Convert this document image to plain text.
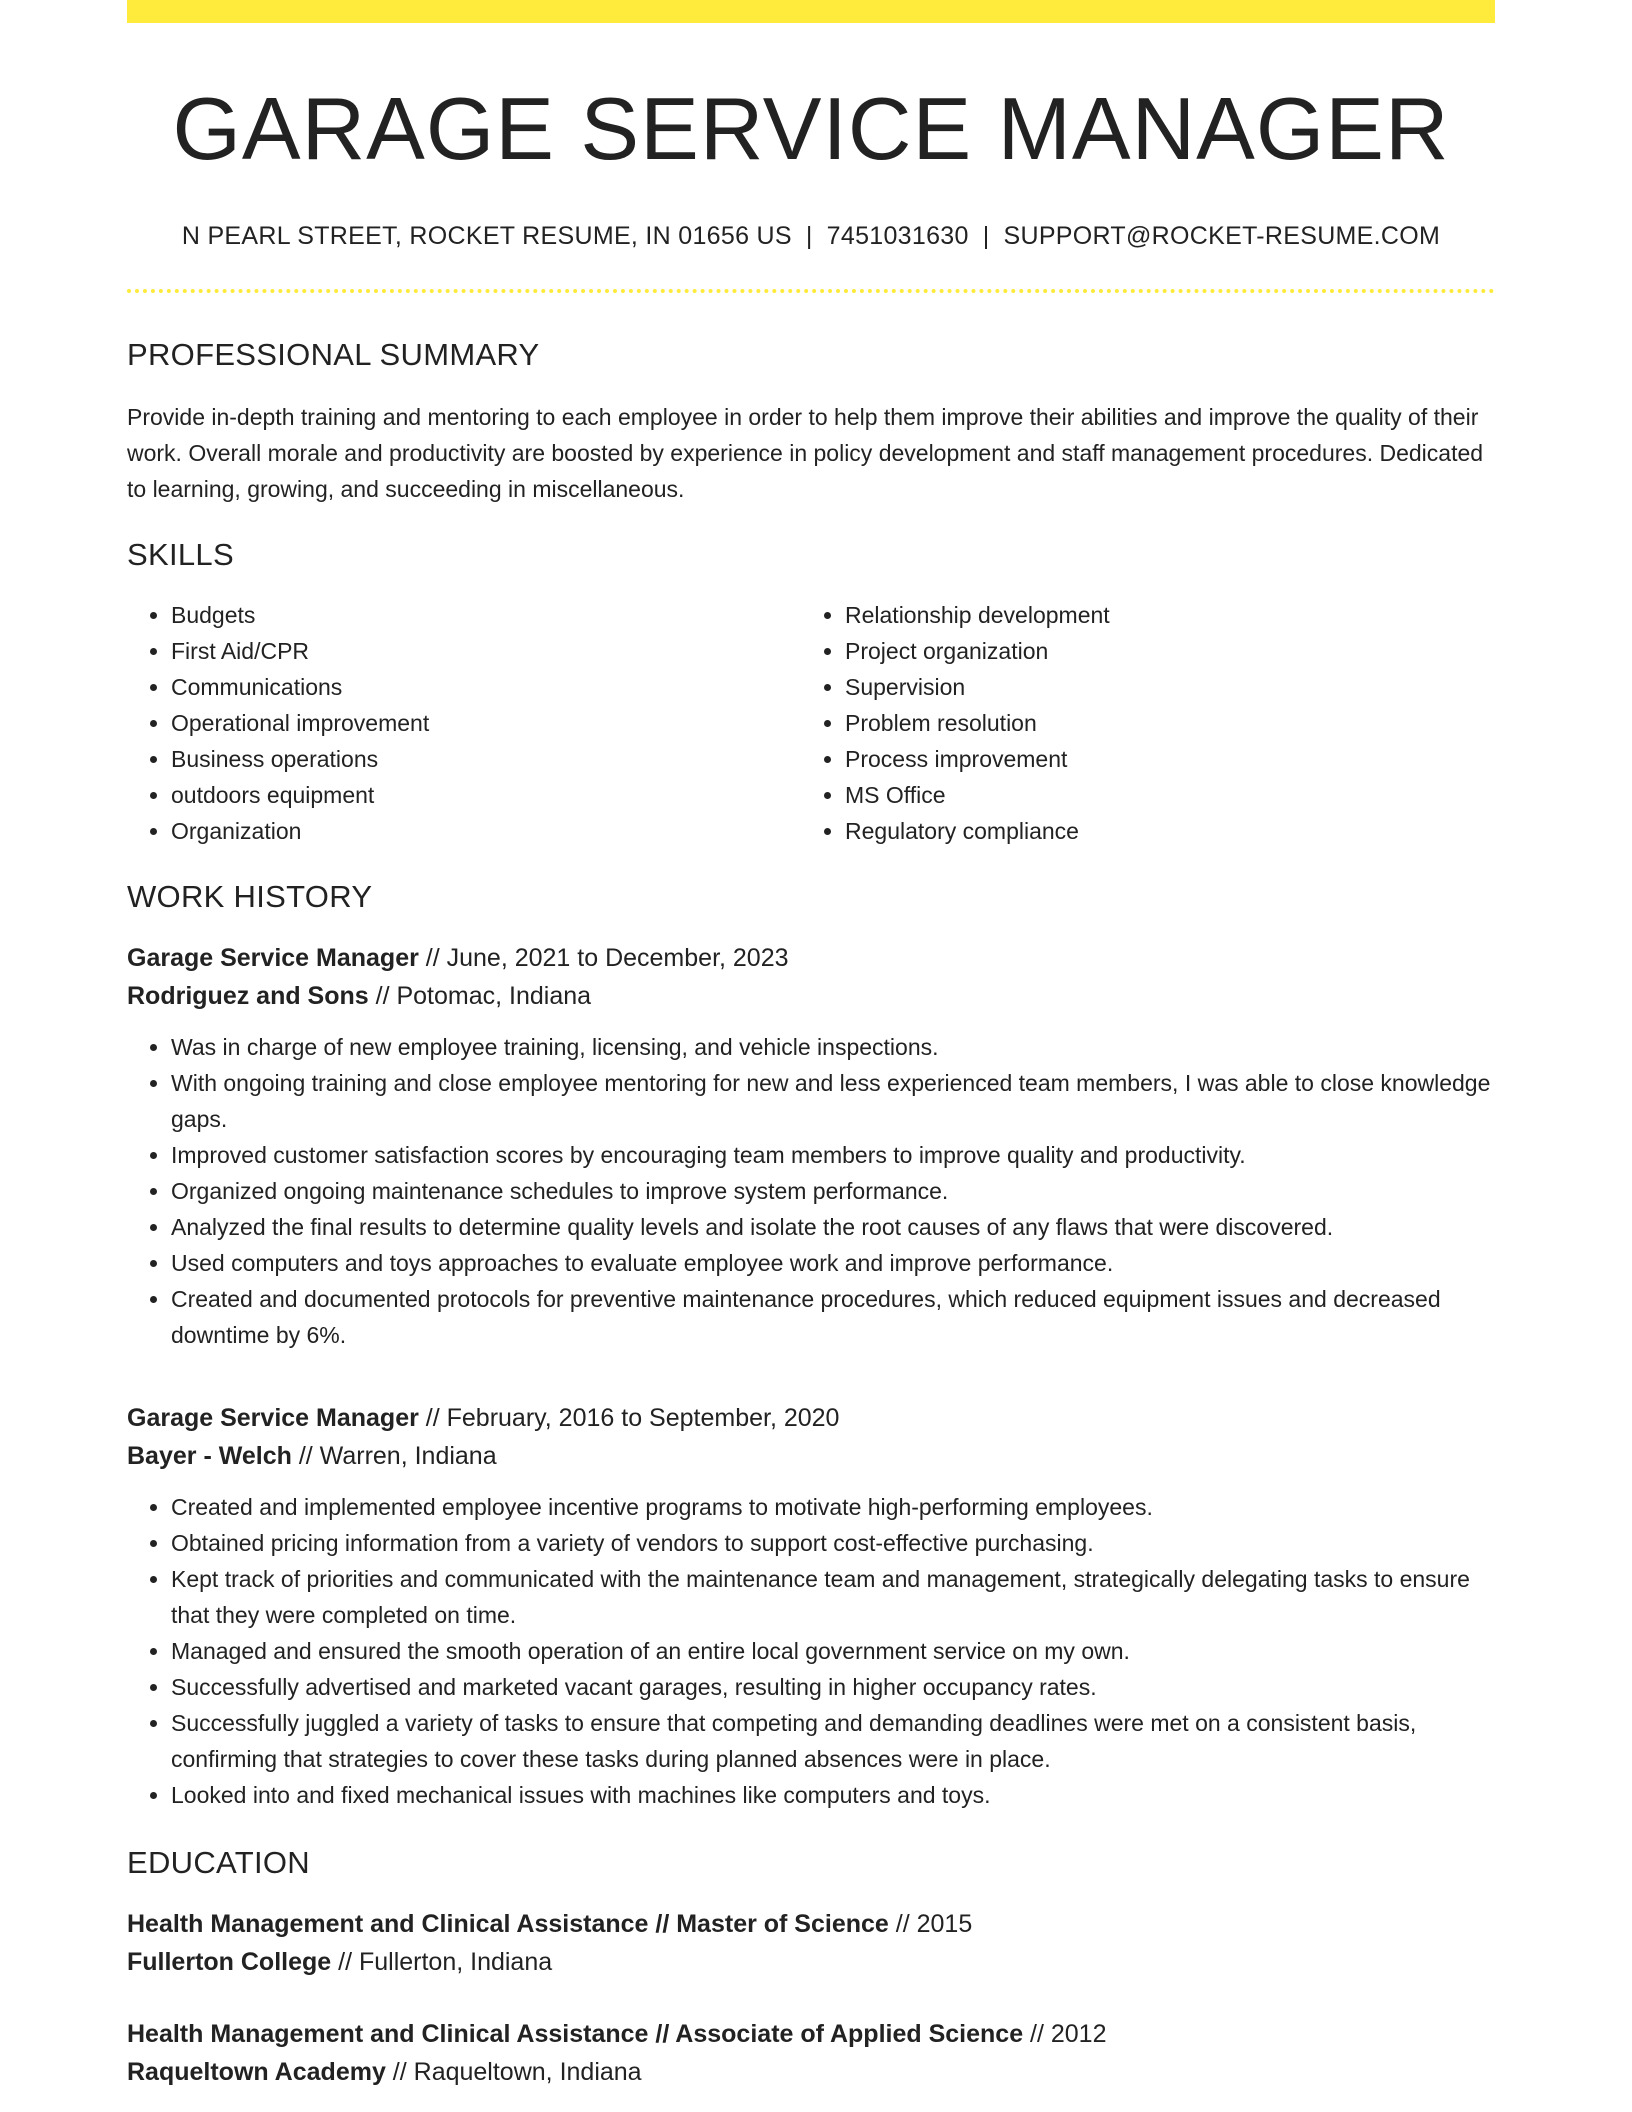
GARAGE SERVICE MANAGER
N PEARL STREET, ROCKET RESUME, IN 01656 US | 7451031630 | SUPPORT@ROCKET-RESUME.COM
PROFESSIONAL SUMMARY

Provide in-depth training and mentoring to each employee in order to help them improve their abilities and improve the quality of their work. Overall morale and productivity are boosted by experience in policy development and staff management procedures. Dedicated to learning, growing, and succeeding in miscellaneous.

SKILLS
• Budgets
• First Aid/CPR
• Communications
• Operational improvement
• Business operations
• outdoors equipment
• Organization
• Relationship development
• Project organization
• Supervision
• Problem resolution
• Process improvement
• MS Office
• Regulatory compliance
WORK HISTORY
Garage Service Manager // June, 2021 to December, 2023
Rodriguez and Sons // Potomac, Indiana
• Was in charge of new employee training, licensing, and vehicle inspections.
• With ongoing training and close employee mentoring for new and less experienced team members, I was able to close knowledge gaps.
• Improved customer satisfaction scores by encouraging team members to improve quality and productivity.
• Organized ongoing maintenance schedules to improve system performance.
• Analyzed the final results to determine quality levels and isolate the root causes of any flaws that were discovered.
• Used computers and toys approaches to evaluate employee work and improve performance.
• Created and documented protocols for preventive maintenance procedures, which reduced equipment issues and decreased downtime by 6%.
Garage Service Manager // February, 2016 to September, 2020
Bayer - Welch // Warren, Indiana
• Created and implemented employee incentive programs to motivate high-performing employees.
• Obtained pricing information from a variety of vendors to support cost-effective purchasing.
• Kept track of priorities and communicated with the maintenance team and management, strategically delegating tasks to ensure that they were completed on time.
• Managed and ensured the smooth operation of an entire local government service on my own.
• Successfully advertised and marketed vacant garages, resulting in higher occupancy rates.
• Successfully juggled a variety of tasks to ensure that competing and demanding deadlines were met on a consistent basis, confirming that strategies to cover these tasks during planned absences were in place.
• Looked into and fixed mechanical issues with machines like computers and toys.
EDUCATION
Health Management and Clinical Assistance // Master of Science // 2015
Fullerton College // Fullerton, Indiana
Health Management and Clinical Assistance // Associate of Applied Science // 2012
Raqueltown Academy // Raqueltown, Indiana
